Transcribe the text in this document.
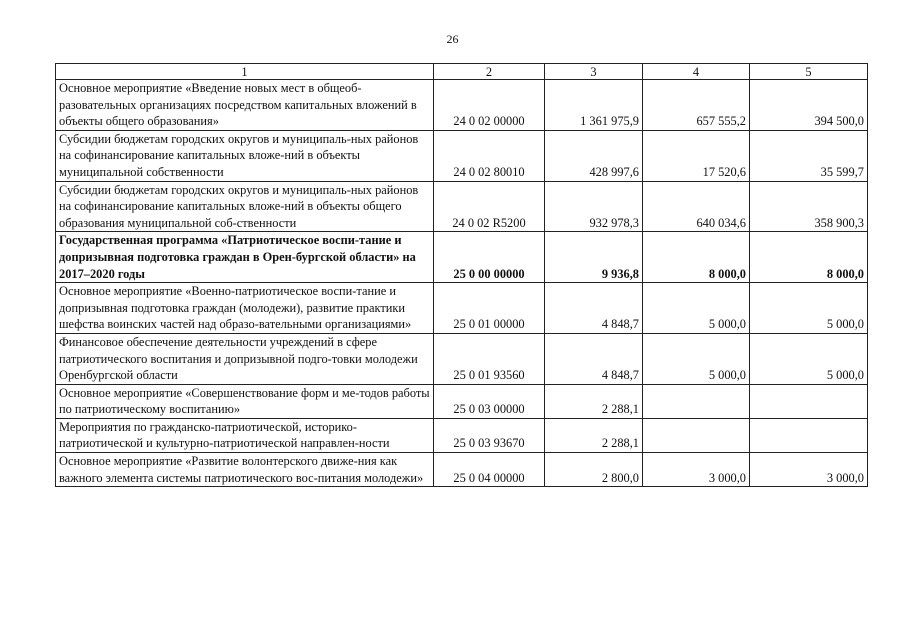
26
1	2	3	4	5
Основное мероприятие «Введение новых мест в общеоб-разовательных организациях посредством капитальных вложений в объекты общего образования»	24 0 02 00000	1 361 975,9	657 555,2	394 500,0
Субсидии бюджетам городских округов и муниципаль-ных районов на софинансирование капитальных вложе-ний в объекты муниципальной собственности	24 0 02 80010	428 997,6	17 520,6	35 599,7
Субсидии бюджетам городских округов и муниципаль-ных районов на софинансирование капитальных вложе-ний в объекты общего образования муниципальной соб-ственности	24 0 02 R5200	932 978,3	640 034,6	358 900,3
Государственная программа «Патриотическое воспи-тание и допризывная подготовка граждан в Орен-бургской области» на 2017–2020 годы	25 0 00 00000	9 936,8	8 000,0	8 000,0
Основное мероприятие «Военно-патриотическое воспи-тание и допризывная подготовка граждан (молодежи), развитие практики шефства воинских частей над образо-вательными организациями»	25 0 01 00000	4 848,7	5 000,0	5 000,0
Финансовое обеспечение деятельности учреждений в сфере патриотического воспитания и допризывной подго-товки молодежи Оренбургской области	25 0 01 93560	4 848,7	5 000,0	5 000,0
Основное мероприятие «Совершенствование форм и ме-тодов работы по патриотическому воспитанию»	25 0 03 00000	2 288,1		
Мероприятия по гражданско-патриотической, историко-патриотической и культурно-патриотической направлен-ности	25 0 03 93670	2 288,1		
Основное мероприятие «Развитие волонтерского движе-ния как важного элемента системы патриотического вос-питания молодежи»	25 0 04 00000	2 800,0	3 000,0	3 000,0
